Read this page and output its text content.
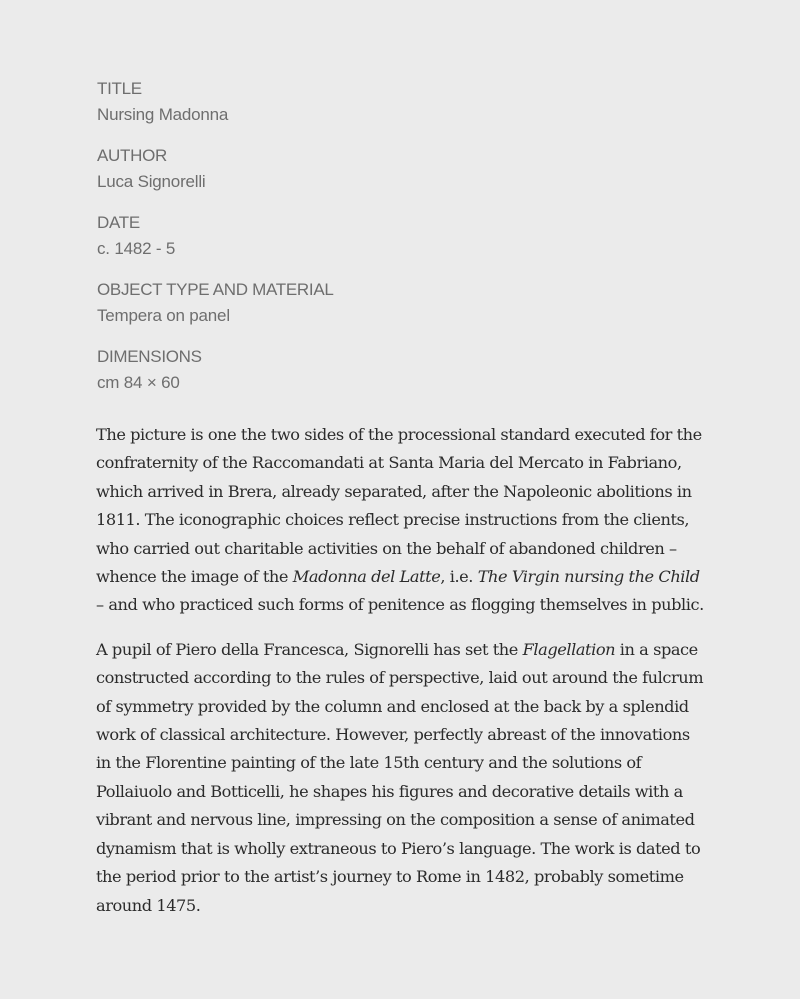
TITLE
Nursing Madonna
AUTHOR
Luca Signorelli
DATE
c. 1482 - 5
OBJECT TYPE AND MATERIAL
Tempera on panel
DIMENSIONS
cm 84 × 60

The picture is one the two sides of the processional standard executed for the confraternity of the Raccomandati at Santa Maria del Mercato in Fabriano, which arrived in Brera, already separated, after the Napoleonic abolitions in 1811. The iconographic choices reflect precise instructions from the clients, who carried out charitable activities on the behalf of abandoned children – whence the image of the Madonna del Latte, i.e. The Virgin nursing the Child – and who practiced such forms of penitence as flogging themselves in public.

A pupil of Piero della Francesca, Signorelli has set the Flagellation in a space constructed according to the rules of perspective, laid out around the fulcrum of symmetry provided by the column and enclosed at the back by a splendid work of classical architecture. However, perfectly abreast of the innovations in the Florentine painting of the late 15th century and the solutions of Pollaiuolo and Botticelli, he shapes his figures and decorative details with a vibrant and nervous line, impressing on the composition a sense of animated dynamism that is wholly extraneous to Piero’s language. The work is dated to the period prior to the artist’s journey to Rome in 1482, probably sometime around 1475.
